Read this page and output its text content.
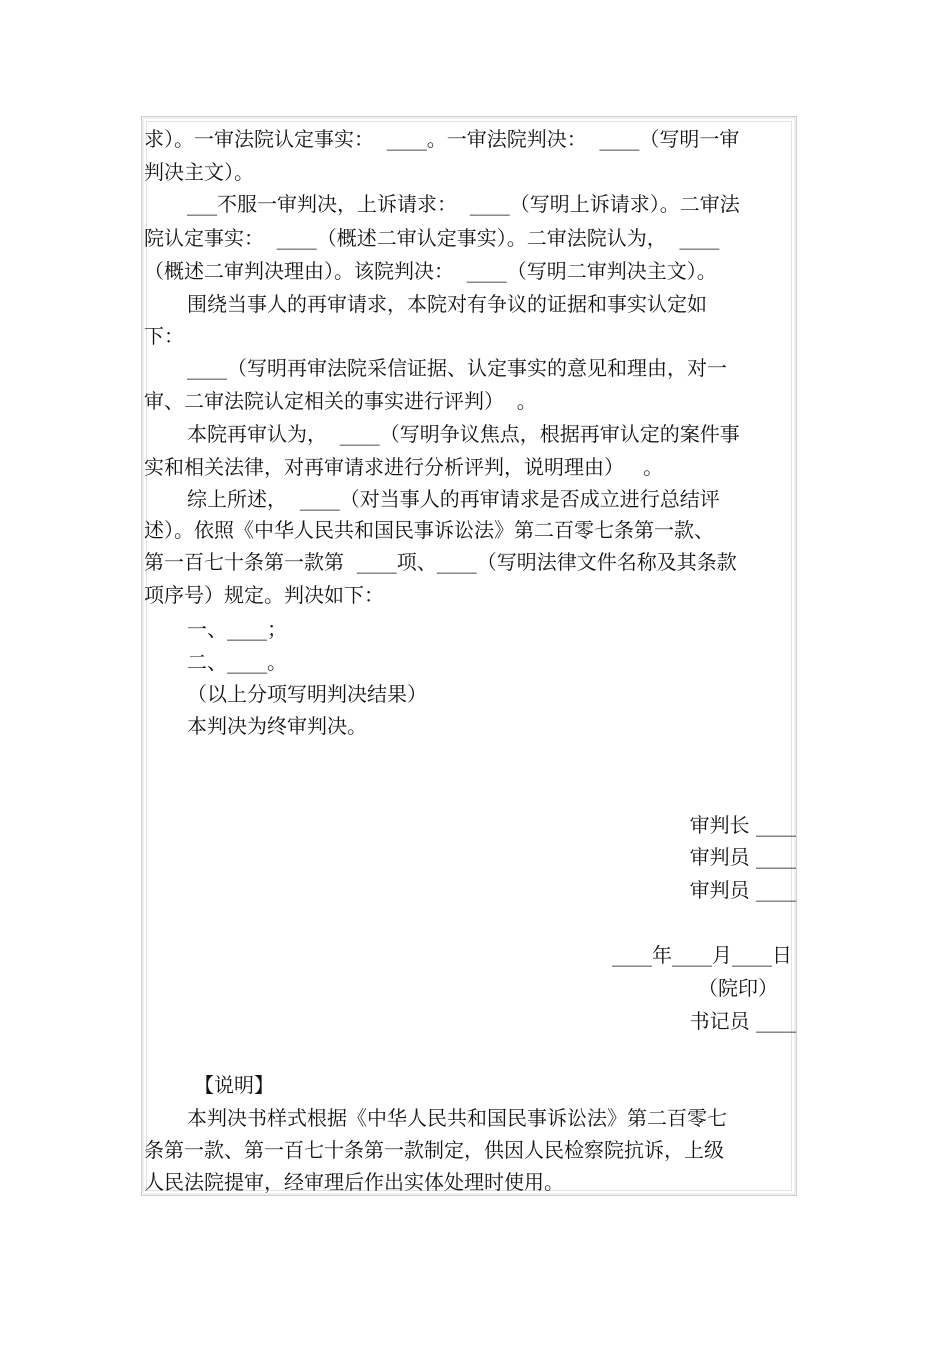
求）。一审法院认定事实：  ____。一审法院判决：  ____（写明一审
判决主文）。
___不服一审判决，上诉请求：  ____（写明上诉请求）。二审法
院认定事实：  ____（概述二审认定事实）。二审法院认为，  ____
（概述二审判决理由）。该院判决：  ____（写明二审判决主文）。
围绕当事人的再审请求，本院对有争议的证据和事实认定如
下：
____（写明再审法院采信证据、认定事实的意见和理由，对一
审、二审法院认定相关的事实进行评判）  。
本院再审认为，  ____（写明争议焦点，根据再审认定的案件事
实和相关法律，对再审请求进行分析评判，说明理由）   。
综上所述，  ____（对当事人的再审请求是否成立进行总结评
述）。依照《中华人民共和国民事诉讼法》第二百零七条第一款、
第一百七十条第一款第  ____项、____（写明法律文件名称及其条款
项序号）规定。判决如下：
一、____；
二、____。
（以上分项写明判决结果）
本判决为终审判决。
审判长 ____
审判员 ____
审判员 ____
____年____月____日
（院印）
书记员 ____
【说明】
本判决书样式根据《中华人民共和国民事诉讼法》第二百零七
条第一款、第一百七十条第一款制定，供因人民检察院抗诉，上级
人民法院提审，经审理后作出实体处理时使用。
